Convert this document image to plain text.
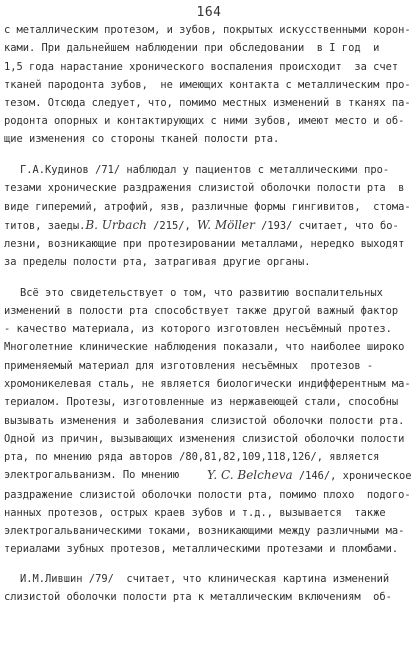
164
с металлическим протезом, и зубов, покрытых искусственными корон-
ками. При дальнейшем наблюдении при обследовании  в I год  и
1,5 года нарастание хронического воспаления происходит  за счет
тканей пародонта зубов,  не имеющих контакта с металлическим про-
тезом. Отсюда следует, что, помимо местных изменений в тканях па-
родонта опорных и контактирующих с ними зубов, имеют место и об-
щие изменения со стороны тканей полости рта.
Г.А.Кудинов /71/ наблюдал у пациентов с металлическими про-
тезами хронические раздражения слизистой оболочки полости рта  в
виде гиперемий, атрофий, язв, различные формы гингивитов,  стома-
лезни, возникающие при протезировании металлами, нередко выходят
за пределы полости рта, затрагивая другие органы.
Всё это свидетельствует о том, что развитию воспалительных
изменений в полости рта способствует также другой важный фактор
- качество материала, из которого изготовлен несъёмный протез.
Многолетние клинические наблюдения показали, что наиболее широко
применяемый материал для изготовления несъёмных  протезов -
хромоникелевая сталь, не является биологически индифферентным ма-
териалом. Протезы, изготовленные из нержавеющей стали, способны
вызывать изменения и заболевания слизистой оболочки полости рта.
Одной из причин, вызывающих изменения слизистой оболочки полости
рта, по мнению ряда авторов /80,81,82,109,118,126/, является
электрогальванизм. По мнению
раздражение слизистой оболочки полости рта, помимо плохо  подого-
нанных протезов, острых краев зубов и т.д., вызывается  также
электрогальваническими токами, возникающими между различными ма-
териалами зубных протезов, металлическими протезами и пломбами.
И.М.Лившин /79/  считает, что клиническая картина изменений
слизистой оболочки полости рта к металлическим включениям  об-
титов, заеды.B. Urbach /215/, W. Möller /193/ считает, что бо-
Y. C. Belcheva /146/, хроническое
